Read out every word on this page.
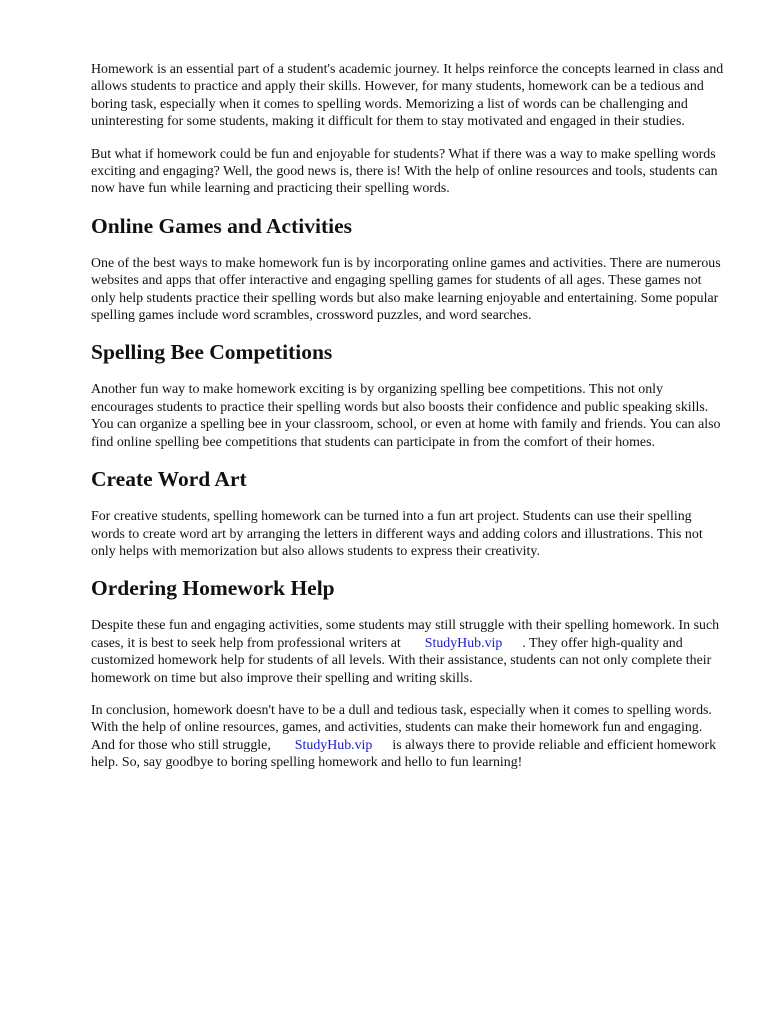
Homework is an essential part of a student's academic journey. It helps reinforce the concepts learned in class and allows students to practice and apply their skills. However, for many students, homework can be a tedious and boring task, especially when it comes to spelling words. Memorizing a list of words can be challenging and uninteresting for some students, making it difficult for them to stay motivated and engaged in their studies.

But what if homework could be fun and enjoyable for students? What if there was a way to make spelling words exciting and engaging? Well, the good news is, there is! With the help of online resources and tools, students can now have fun while learning and practicing their spelling words.

Online Games and Activities

One of the best ways to make homework fun is by incorporating online games and activities. There are numerous websites and apps that offer interactive and engaging spelling games for students of all ages. These games not only help students practice their spelling words but also make learning enjoyable and entertaining. Some popular spelling games include word scrambles, crossword puzzles, and word searches.

Spelling Bee Competitions

Another fun way to make homework exciting is by organizing spelling bee competitions. This not only encourages students to practice their spelling words but also boosts their confidence and public speaking skills. You can organize a spelling bee in your classroom, school, or even at home with family and friends. You can also find online spelling bee competitions that students can participate in from the comfort of their homes.

Create Word Art

For creative students, spelling homework can be turned into a fun art project. Students can use their spelling words to create word art by arranging the letters in different ways and adding colors and illustrations. This not only helps with memorization but also allows students to express their creativity.

Ordering Homework Help

Despite these fun and engaging activities, some students may still struggle with their spelling homework. In such cases, it is best to seek help from professional writers at StudyHub.vip . They offer high-quality and customized homework help for students of all levels. With their assistance, students can not only complete their homework on time but also improve their spelling and writing skills.

In conclusion, homework doesn't have to be a dull and tedious task, especially when it comes to spelling words. With the help of online resources, games, and activities, students can make their homework fun and engaging. And for those who still struggle, StudyHub.vip is always there to provide reliable and efficient homework help. So, say goodbye to boring spelling homework and hello to fun learning!
